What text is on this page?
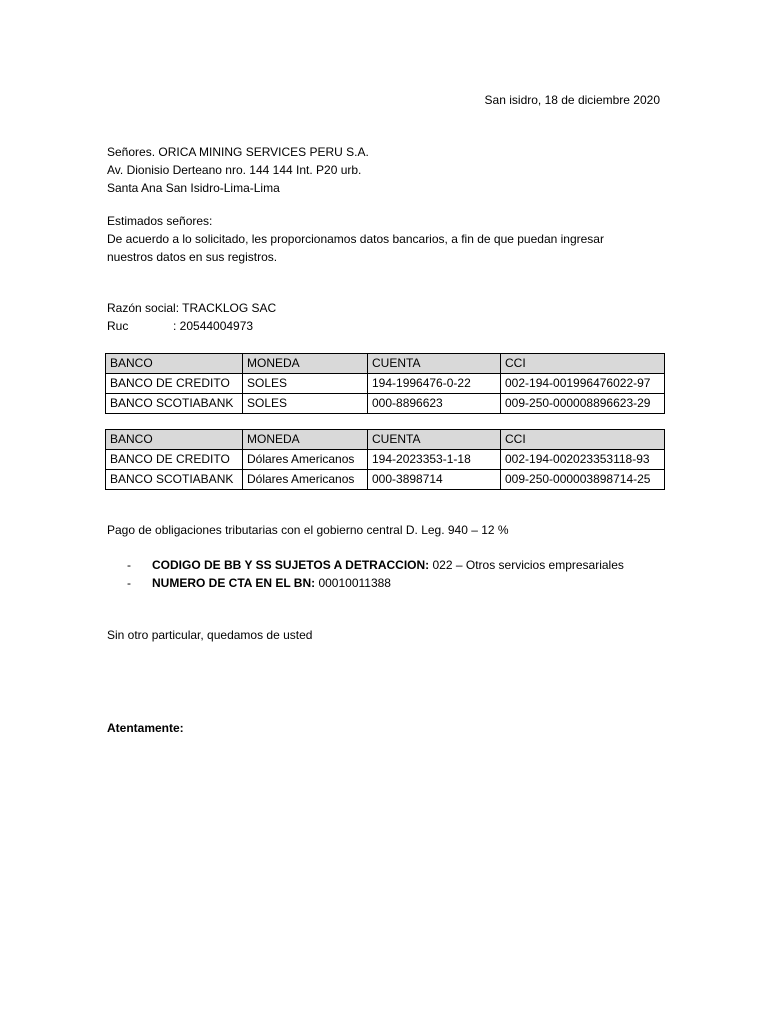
San isidro, 18 de diciembre 2020
Señores. ORICA MINING SERVICES PERU S.A.
Av. Dionisio Derteano nro. 144 144 Int. P20 urb.
Santa Ana San Isidro-Lima-Lima
Estimados señores:
De acuerdo a lo solicitado, les proporcionamos datos bancarios, a fin de que puedan ingresar
nuestros datos en sus registros.
Razón social: TRACKLOG SAC
Ruc	: 20544004973
BANCO	MONEDA	CUENTA	CCI
BANCO DE CREDITO	SOLES	194-1996476-0-22	002-194-001996476022-97
BANCO SCOTIABANK	SOLES	000-8896623	009-250-000008896623-29
BANCO	MONEDA	CUENTA	CCI
BANCO DE CREDITO	Dólares Americanos	194-2023353-1-18	002-194-002023353118-93
BANCO SCOTIABANK	Dólares Americanos	000-3898714	009-250-000003898714-25
Pago de obligaciones tributarias con el gobierno central D. Leg. 940 – 12 %
- CODIGO DE BB Y SS SUJETOS A DETRACCION: 022 – Otros servicios empresariales
- NUMERO DE CTA EN EL BN: 00010011388
Sin otro particular, quedamos de usted
Atentamente:
